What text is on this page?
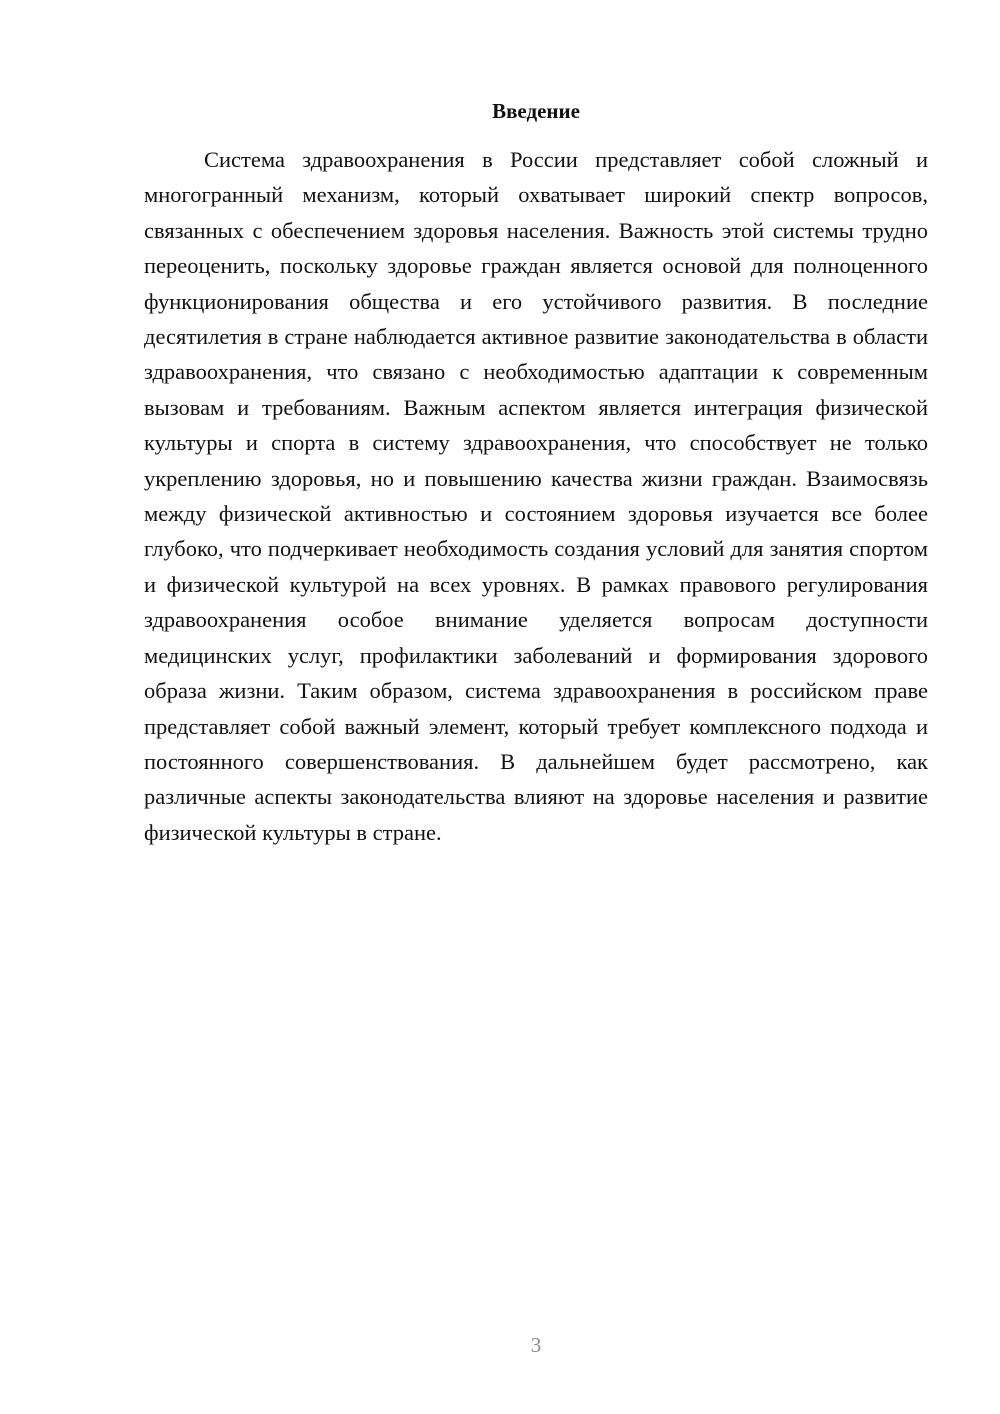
Введение

Система здравоохранения в России представляет собой сложный и многогранный механизм, который охватывает широкий спектр вопросов, связанных с обеспечением здоровья населения. Важность этой системы трудно переоценить, поскольку здоровье граждан является основой для полноценного функционирования общества и его устойчивого развития. В последние десятилетия в стране наблюдается активное развитие законодательства в области здравоохранения, что связано с необходимостью адаптации к современным вызовам и требованиям. Важным аспектом является интеграция физической культуры и спорта в систему здравоохранения, что способствует не только укреплению здоровья, но и повышению качества жизни граждан. Взаимосвязь между физической активностью и состоянием здоровья изучается все более глубоко, что подчеркивает необходимость создания условий для занятия спортом и физической культурой на всех уровнях. В рамках правового регулирования здравоохранения особое внимание уделяется вопросам доступности медицинских услуг, профилактики заболеваний и формирования здорового образа жизни. Таким образом, система здравоохранения в российском праве представляет собой важный элемент, который требует комплексного подхода и постоянного совершенствования. В дальнейшем будет рассмотрено, как различные аспекты законодательства влияют на здоровье населения и развитие физической культуры в стране.

3
